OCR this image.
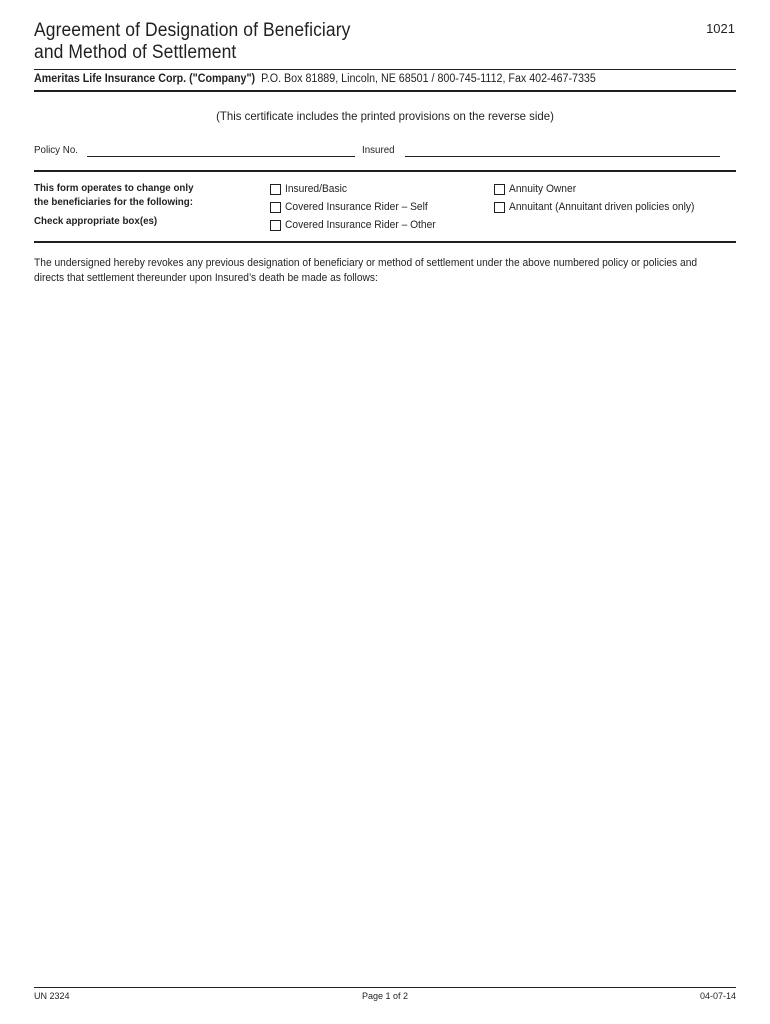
Agreement of Designation of Beneficiary
and Method of Settlement
1021
Ameritas Life Insurance Corp. ("Company") P.O. Box 81889, Lincoln, NE 68501 / 800-745-1112, Fax 402-467-7335
(This certificate includes the printed provisions on the reverse side)
Policy No.	Insured
This form operates to change only
the beneficiaries for the following:
Check appropriate box(es)
Insured/Basic
Covered Insurance Rider – Self
Covered Insurance Rider – Other
Annuity Owner
Annuitant (Annuitant driven policies only)
The undersigned hereby revokes any previous designation of beneficiary or method of settlement under the above numbered policy or policies and directs that settlement thereunder upon Insured’s death be made as follows:
UN 2324	Page 1 of 2	04-07-14
